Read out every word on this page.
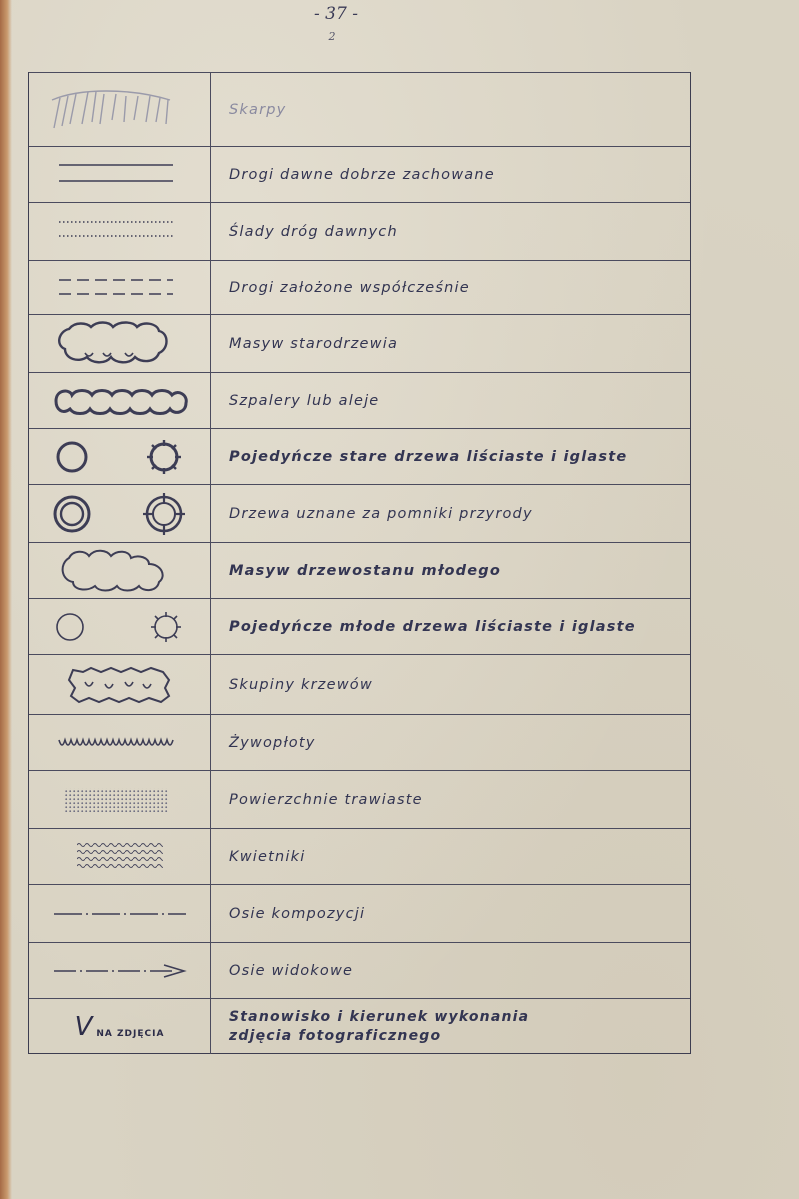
- 37 -
2
Skarpy
Drogi dawne dobrze zachowane
Ślady dróg dawnych
Drogi założone współcześnie
Masyw starodrzewia
Szpalery lub aleje
Pojedyńcze stare drzewa liściaste i iglaste
Drzewa uznane za pomniki przyrody
Masyw drzewostanu młodego
Pojedyńcze młode drzewa liściaste i iglaste
Skupiny krzewów
Żywopłoty
Powierzchnie trawiaste
Kwietniki
Osie kompozycji
Osie widokowe
V NA ZDJĘCIA
Stanowisko i kierunek wykonania zdjęcia fotograficznego
